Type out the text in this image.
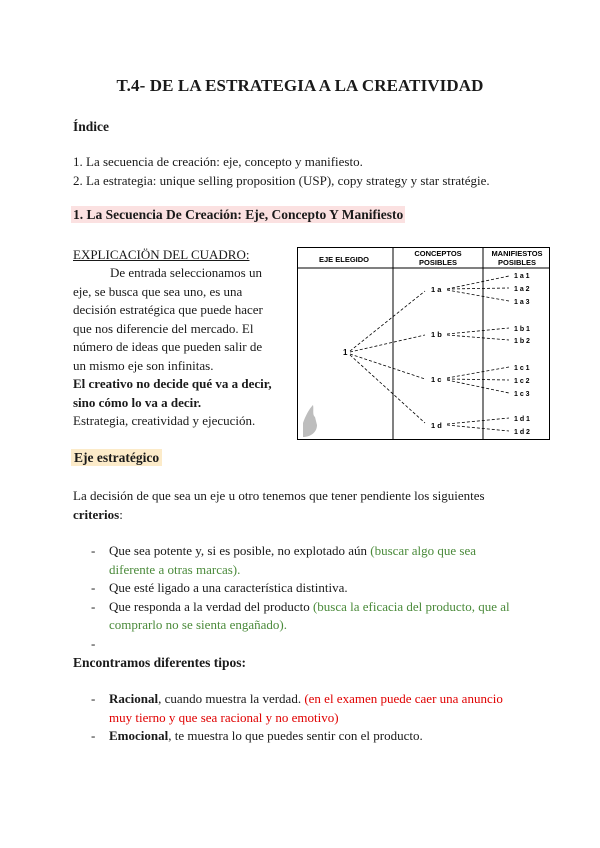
T.4- DE LA ESTRATEGIA A LA CREATIVIDAD
Índice
1. La secuencia de creación: eje, concepto y manifiesto.
2. La estrategia: unique selling proposition (USP), copy strategy y star stratégie.
1. La Secuencia De Creación: Eje, Concepto Y Manifiesto
EXPLICACIÖN DEL CUADRO:
De entrada seleccionamos un
eje, se busca que sea uno, es una
decisión estratégica que puede hacer
que nos diferencie del mercado. El
número de ideas que pueden salir de
un mismo eje son infinitas.
El creativo no decide qué va a decir,
sino cómo lo va a decir.
Estrategia, creatividad y ejecución.
EJE ELEGIDO
CONCEPTOS
POSIBLES
MANIFIESTOS
POSIBLES
1
1 a
1 b
1 c
1 d
1 a 1
1 a 2
1 a 3
1 b 1
1 b 2
1 c 1
1 c 2
1 c 3
1 d 1
1 d 2
Eje estratégico
La decisión de que sea un eje u otro tenemos que tener pendiente los siguientes
criterios:
- Que sea potente y, si es posible, no explotado aún (buscar algo que sea
diferente a otras marcas).
- Que esté ligado a una característica distintiva.
- Que responda a la verdad del producto (busca la eficacia del producto, que al
comprarlo no se sienta engañado).
-
Encontramos diferentes tipos:
- Racional, cuando muestra la verdad. (en el examen puede caer una anuncio
muy tierno y que sea racional y no emotivo)
- Emocional, te muestra lo que puedes sentir con el producto.
